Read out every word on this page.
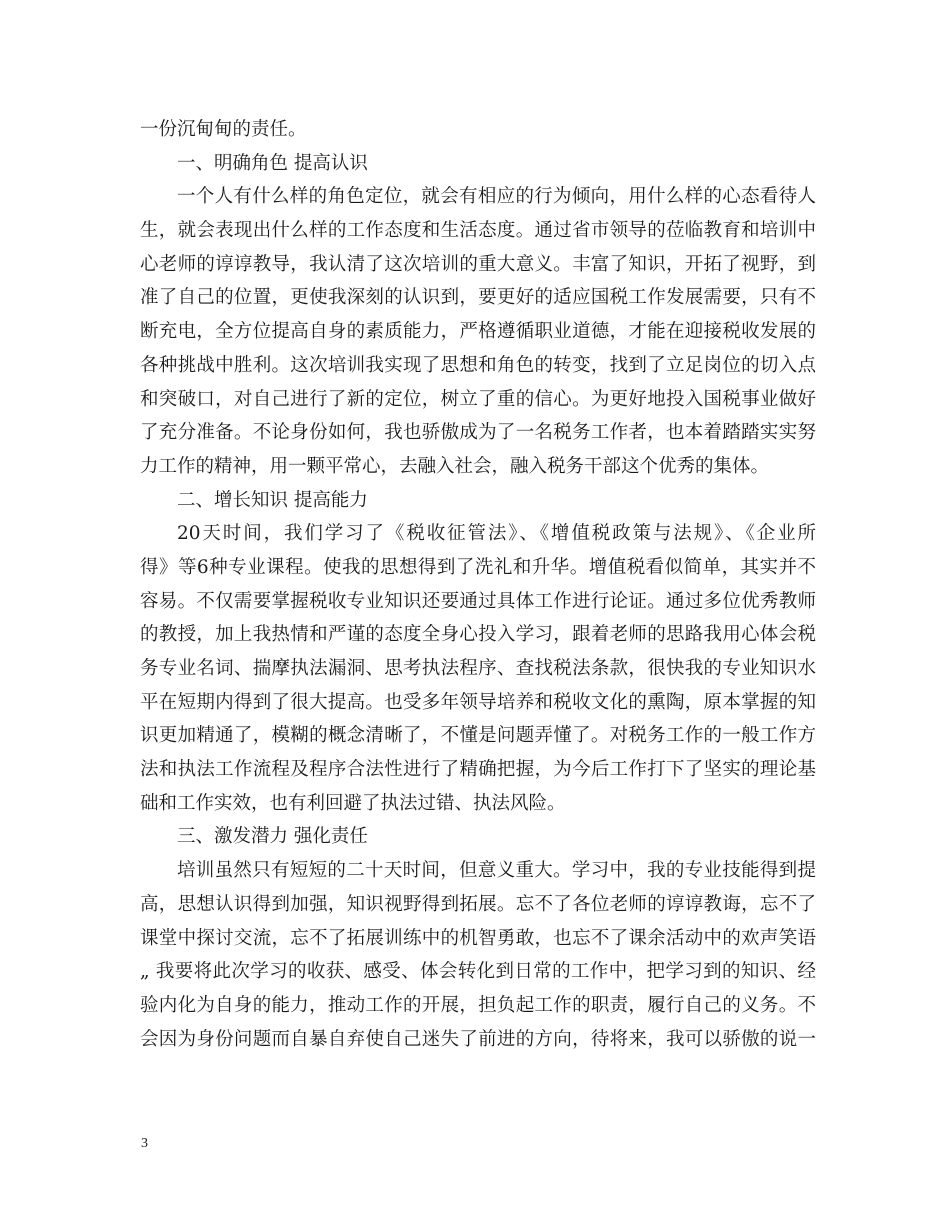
一份沉甸甸的责任。
一、明确角色 提高认识
一个人有什么样的角色定位，就会有相应的行为倾向，用什么样的心态看待人
生，就会表现出什么样的工作态度和生活态度。通过省市领导的莅临教育和培训中
心老师的谆谆教导，我认清了这次培训的重大意义。丰富了知识，开拓了视野，到
准了自己的位置，更使我深刻的认识到，要更好的适应国税工作发展需要，只有不
断充电，全方位提高自身的素质能力，严格遵循职业道德，才能在迎接税收发展的
各种挑战中胜利。这次培训我实现了思想和角色的转变，找到了立足岗位的切入点
和突破口，对自己进行了新的定位，树立了重的信心。为更好地投入国税事业做好
了充分准备。不论身份如何，我也骄傲成为了一名税务工作者，也本着踏踏实实努
力工作的精神，用一颗平常心，去融入社会，融入税务干部这个优秀的集体。
二、增长知识 提高能力
20天时间，我们学习了《税收征管法》、《增值税政策与法规》、《企业所
得》等6种专业课程。使我的思想得到了洗礼和升华。增值税看似简单，其实并不
容易。不仅需要掌握税收专业知识还要通过具体工作进行论证。通过多位优秀教师
的教授，加上我热情和严谨的态度全身心投入学习，跟着老师的思路我用心体会税
务专业名词、揣摩执法漏洞、思考执法程序、查找税法条款，很快我的专业知识水
平在短期内得到了很大提高。也受多年领导培养和税收文化的熏陶，原本掌握的知
识更加精通了，模糊的概念清晰了，不懂是问题弄懂了。对税务工作的一般工作方
法和执法工作流程及程序合法性进行了精确把握，为今后工作打下了坚实的理论基
础和工作实效，也有利回避了执法过错、执法风险。
三、激发潜力 强化责任
培训虽然只有短短的二十天时间，但意义重大。学习中，我的专业技能得到提
高，思想认识得到加强，知识视野得到拓展。忘不了各位老师的谆谆教诲，忘不了
课堂中探讨交流，忘不了拓展训练中的机智勇敢，也忘不了课余活动中的欢声笑语
„ 我要将此次学习的收获、感受、体会转化到日常的工作中，把学习到的知识、经
验内化为自身的能力，推动工作的开展，担负起工作的职责，履行自己的义务。不
会因为身份问题而自暴自弃使自己迷失了前进的方向，待将来，我可以骄傲的说一
3
